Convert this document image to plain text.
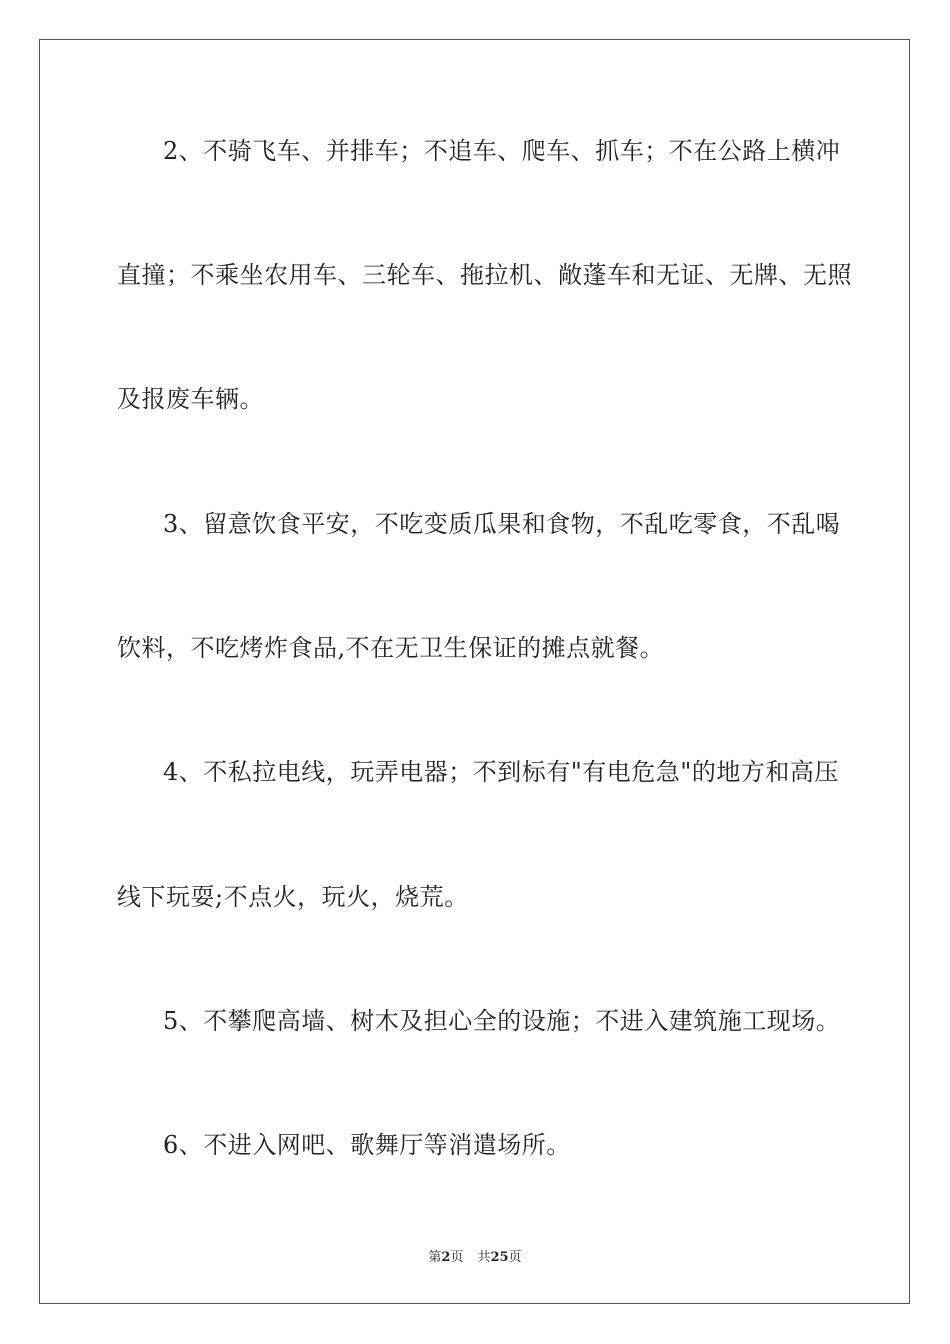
2、不骑飞车、并排车；不追车、爬车、抓车；不在公路上横冲
直撞；不乘坐农用车、三轮车、拖拉机、敞蓬车和无证、无牌、无照
及报废车辆。
3、留意饮食平安，不吃变质瓜果和食物，不乱吃零食，不乱喝
饮料，不吃烤炸食品,不在无卫生保证的摊点就餐。
4、不私拉电线，玩弄电器；不到标有"有电危急"的地方和高压
线下玩耍;不点火，玩火，烧荒。
5、不攀爬高墙、树木及担心全的设施；不进入建筑施工现场。
6、不进入网吧、歌舞厅等消遣场所。
第2页 共25页
